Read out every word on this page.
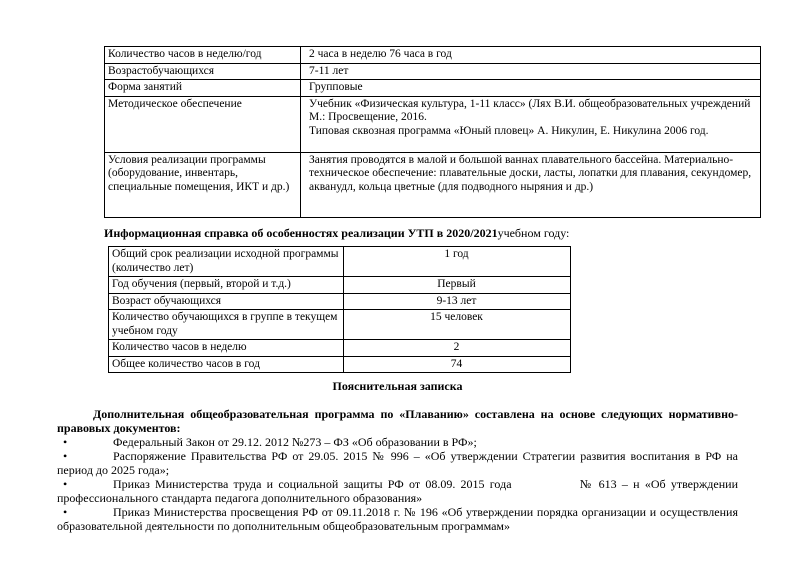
Количество часов в неделю/год	2 часа в неделю 76 часа в год
Возрастобучающихся	7-11 лет
Форма занятий	Групповые
Методическое обеспечение	Учебник «Физическая культура, 1-11 класс» (Лях В.И. общеобразовательных учреждений М.: Просвещение, 2016.
Типовая сквозная программа «Юный пловец» А. Никулин, Е. Никулина 2006 год.

Условия реализации программы (оборудование, инвентарь, специальные помещения, ИКТ и др.)	Занятия проводятся в малой и большой ваннах плавательного бассейна. Материально-техническое обеспечение: плавательные доски, ласты, лопатки для плавания, секундомер, акванудл, кольца цветные (для подводного ныряния и др.)
Информационная справка об особенностях реализации УТП в 2020/2021учебном году:
Общий срок реализации исходной программы (количество лет)	1 год
Год обучения (первый, второй и т.д.)	Первый
Возраст обучающихся	9-13 лет
Количество обучающихся в группе в текущем учебном году	15 человек
Количество часов в неделю	2
Общее количество часов в год	74
Пояснительная записка

Дополнительная общеобразовательная программа по «Плаванию» составлена на основе следующих нормативно-правовых документов:

•	Федеральный Закон от 29.12. 2012 №273 – ФЗ «Об образовании в РФ»;
•	Распоряжение Правительства РФ от 29.05. 2015 № 996 – «Об утверждении Стратегии развития воспитания в РФ на период до 2025 года»;
•	Приказ Министерства труда и социальной защиты РФ от 08.09. 2015 года             № 613 – н «Об утверждении профессионального стандарта педагога дополнительного образования»
•	Приказ Министерства просвещения РФ от 09.11.2018 г. № 196 «Об утверждении порядка организации и осуществления образовательной деятельности по дополнительным общеобразовательным программам»
